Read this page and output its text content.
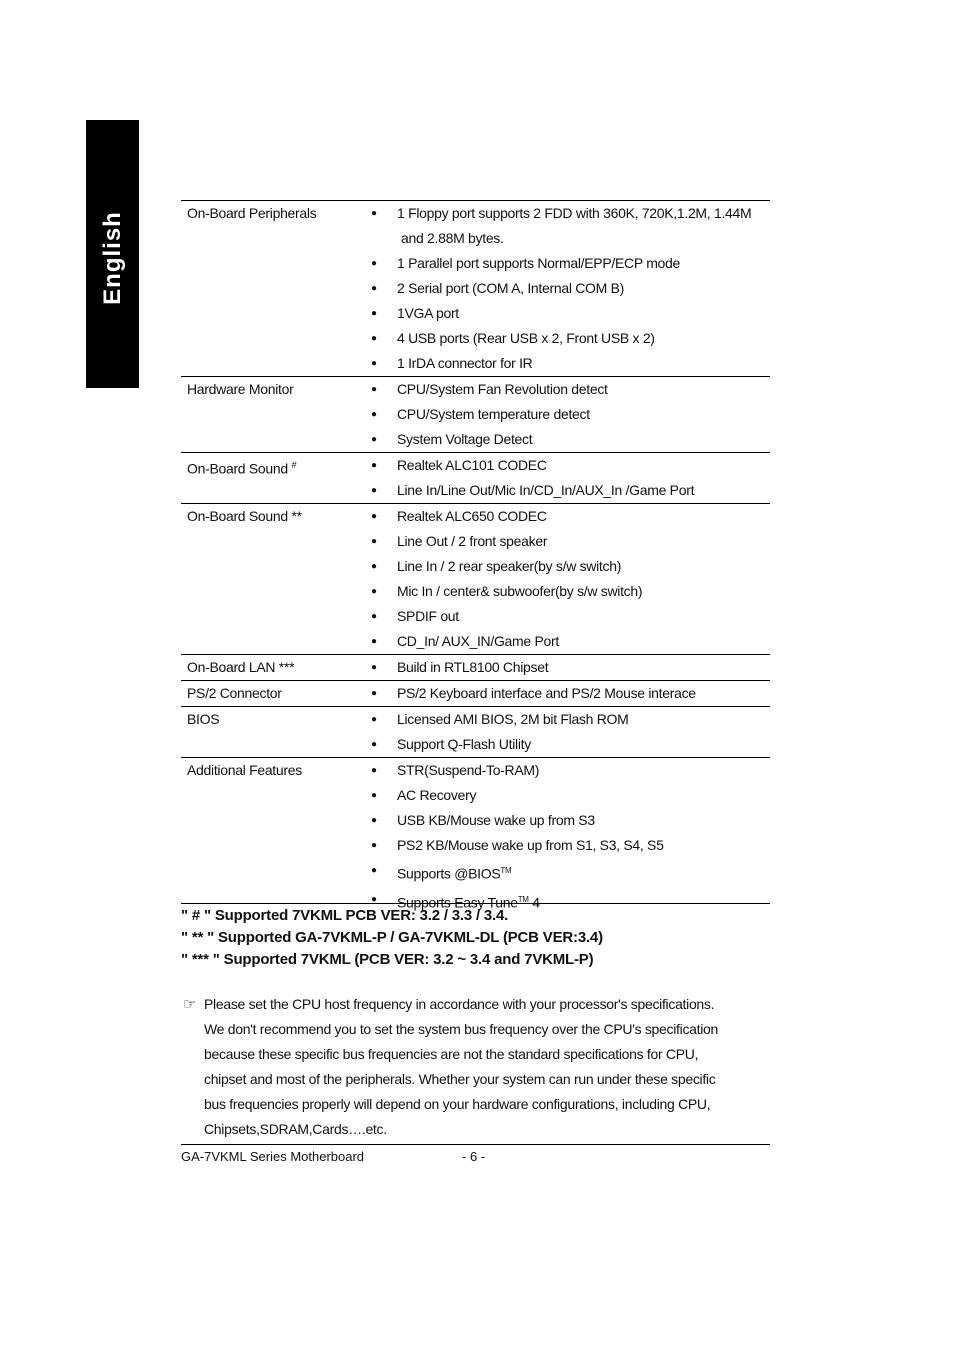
English	On-Board Peripherals	● 1 Floppy port supports 2 FDD with 360K, 720K,1.2M, 1.44M
and 2.88M bytes.
● 1 Parallel port supports Normal/EPP/ECP mode
● 2 Serial port (COM A, Internal COM B)
● 1VGA port
● 4 USB ports (Rear USB x 2, Front USB x 2)
● 1 IrDA connector for IR
Hardware Monitor	● CPU/System Fan Revolution detect
● CPU/System temperature detect
● System Voltage Detect
On-Board Sound #	● Realtek ALC101 CODEC
● Line In/Line Out/Mic In/CD_In/AUX_In /Game Port
On-Board Sound **	● Realtek ALC650 CODEC
● Line Out / 2 front speaker
● Line In / 2 rear speaker(by s/w switch)
● Mic In / center& subwoofer(by s/w switch)
● SPDIF out
● CD_In/ AUX_IN/Game Port
On-Board LAN ***	● Build in RTL8100 Chipset
PS/2 Connector	● PS/2 Keyboard interface and PS/2 Mouse interace
BIOS	● Licensed AMI BIOS, 2M bit Flash ROM
● Support Q-Flash Utility
Additional Features	● STR(Suspend-To-RAM)
● AC Recovery
● USB KB/Mouse wake up from S3
● PS2 KB/Mouse wake up from S1, S3, S4, S5
● Supports @BIOS™
● Supports Easy Tune™ 4
" # " Supported 7VKML PCB VER: 3.2 / 3.3 / 3.4.
" ** " Supported GA-7VKML-P / GA-7VKML-DL (PCB VER:3.4)
" *** " Supported 7VKML (PCB VER: 3.2 ~ 3.4 and 7VKML-P)
☞ Please set the CPU host frequency in accordance with your processor's specifications.

We don't recommend you to set the system bus frequency over the CPU's specification

because these specific bus frequencies are not the standard specifications for CPU,

chipset and most of the peripherals. Whether your system can run under these specific

bus frequencies properly will depend on your hardware configurations, including CPU,

Chipsets,SDRAM,Cards….etc.

GA-7VKML Series Motherboard	- 6 -
